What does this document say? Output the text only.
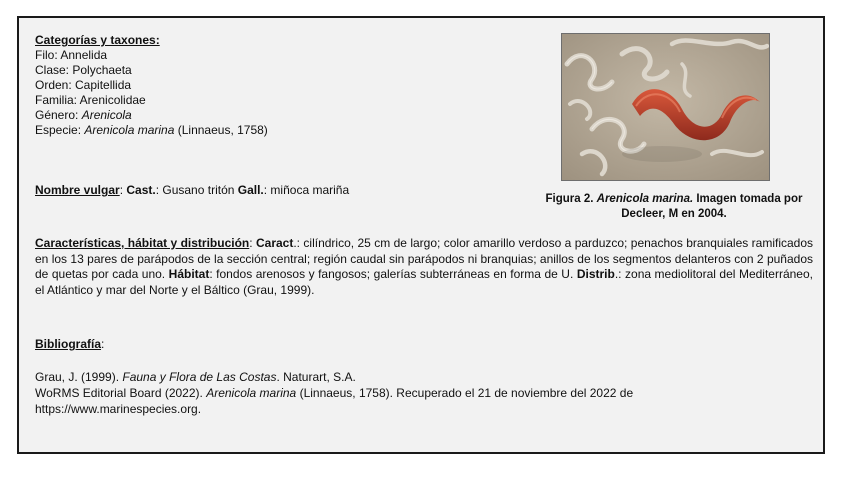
Categorías y taxones:
Filo: Annelida
Clase: Polychaeta
Orden: Capitellida
Familia: Arenicolidae
Género: Arenicola
Especie: Arenicola marina (Linnaeus, 1758)
Nombre vulgar: Cast.: Gusano tritón Gall.: miñoca mariña
Figura 2. Arenicola marina. Imagen tomada por Decleer, M en 2004.
Características, hábitat y distribución: Caract.: cilíndrico, 25 cm de largo; color amarillo verdoso a parduzco; penachos branquiales ramificados en los 13 pares de parápodos de la sección central; región caudal sin parápodos ni branquias; anillos de los segmentos delanteros con 2 puñados de quetas por cada uno. Hábitat: fondos arenosos y fangosos; galerías subterráneas en forma de U. Distrib.: zona mediolitoral del Mediterráneo, el Atlántico y mar del Norte y el Báltico (Grau, 1999).
Bibliografía:
Grau, J. (1999). Fauna y Flora de Las Costas. Naturart, S.A.
WoRMS Editorial Board (2022). Arenicola marina (Linnaeus, 1758). Recuperado el 21 de noviembre del 2022 de
https://www.marinespecies.org.
